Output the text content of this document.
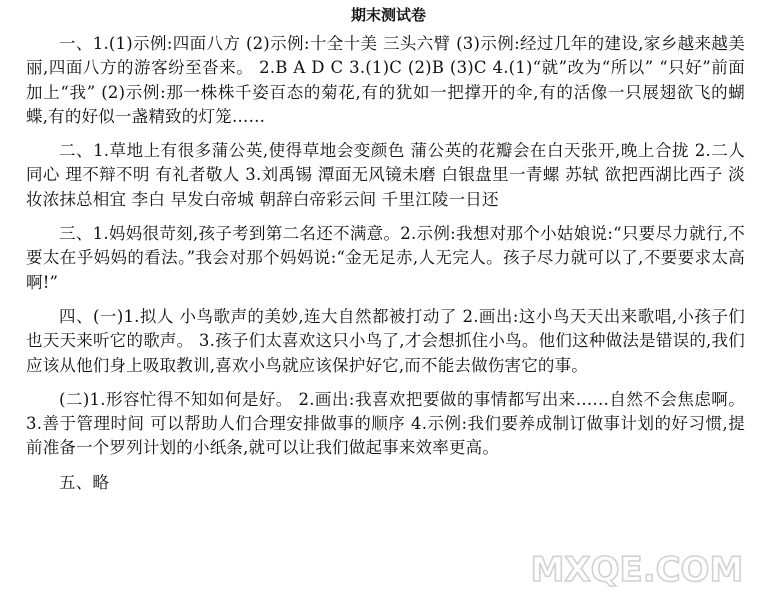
期末测试卷

一、1.(1)示例:四面八方 (2)示例:十全十美 三头六臂 (3)示例:经过几年的建设,家乡越来越美丽,四面八方的游客纷至沓来。 2.B A D C 3.(1)C (2)B (3)C 4.(1)“就”改为“所以” “只好”前面加上“我” (2)示例:那一株株千姿百态的菊花,有的犹如一把撑开的伞,有的活像一只展翅欲飞的蝴蝶,有的好似一盏精致的灯笼……

二、1.草地上有很多蒲公英,使得草地会变颜色 蒲公英的花瓣会在白天张开,晚上合拢 2.二人同心 理不辩不明 有礼者敬人 3.刘禹锡 潭面无风镜未磨 白银盘里一青螺 苏轼 欲把西湖比西子 淡妆浓抹总相宜 李白 早发白帝城 朝辞白帝彩云间 千里江陵一日还

三、1.妈妈很苛刻,孩子考到第二名还不满意。2.示例:我想对那个小姑娘说:“只要尽力就行,不要太在乎妈妈的看法。”我会对那个妈妈说:“金无足赤,人无完人。孩子尽力就可以了,不要要求太高啊!”

四、(一)1.拟人 小鸟歌声的美妙,连大自然都被打动了 2.画出:这小鸟天天出来歌唱,小孩子们也天天来听它的歌声。 3.孩子们太喜欢这只小鸟了,才会想抓住小鸟。他们这种做法是错误的,我们应该从他们身上吸取教训,喜欢小鸟就应该保护好它,而不能去做伤害它的事。

(二)1.形容忙得不知如何是好。 2.画出:我喜欢把要做的事情都写出来……自然不会焦虑啊。 3.善于管理时间 可以帮助人们合理安排做事的顺序 4.示例:我们要养成制订做事计划的好习惯,提前准备一个罗列计划的小纸条,就可以让我们做起事来效率更高。

五、略

MXQE.COM
